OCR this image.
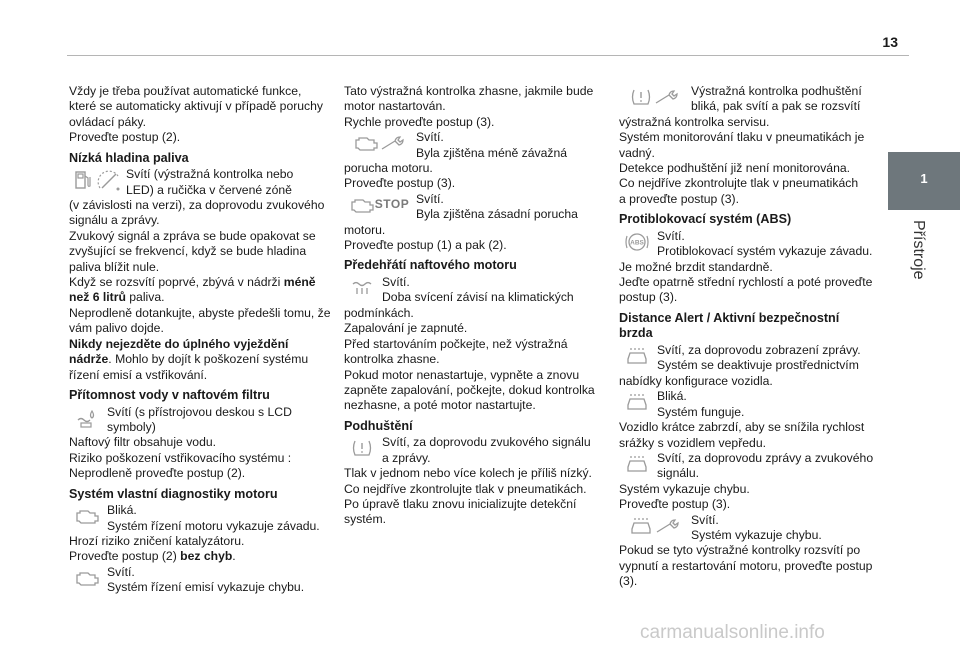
13
1
Přístroje

Vždy je třeba používat automatické funkce,

které se automaticky aktivují v případě poruchy

ovládací páky.

Proveďte postup (2).

Nízká hladina paliva

Svítí (výstražná kontrolka nebo

LED) a ručička v červené zóně

(v závislosti na verzi), za doprovodu zvukového

signálu a zprávy.

Zvukový signál a zpráva se bude opakovat se

zvyšující se frekvencí, když se bude hladina

paliva blížit nule.

Když se rozsvítí poprvé, zbývá v nádrži méně

než 6 litrů paliva.

Neprodleně dotankujte, abyste předešli tomu, že

vám palivo dojde.

Nikdy nejezděte do úplného vyježdění

nádrže. Mohlo by dojít k poškození systému

řízení emisí a vstřikování.

Přítomnost vody v naftovém filtru

Svítí (s přístrojovou deskou s LCD

symboly)

Naftový filtr obsahuje vodu.

Riziko poškození vstřikovacího systému :

Neprodleně proveďte postup (2).

Systém vlastní diagnostiky motoru

Bliká.

Systém řízení motoru vykazuje závadu.

Hrozí riziko zničení katalyzátoru.

Proveďte postup (2) bez chyb.

Svítí.

Systém řízení emisí vykazuje chybu.

Tato výstražná kontrolka zhasne, jakmile bude

motor nastartován.

Rychle proveďte postup (3).

Svítí.

Byla zjištěna méně závažná

porucha motoru.

Proveďte postup (3).

STOP Svítí.

Byla zjištěna zásadní porucha

motoru.

Proveďte postup (1) a pak (2).

Předehřátí naftového motoru

Svítí.

Doba svícení závisí na klimatických

podmínkách.

Zapalování je zapnuté.

Před startováním počkejte, než výstražná

kontrolka zhasne.

Pokud motor nenastartuje, vypněte a znovu

zapněte zapalování, počkejte, dokud kontrolka

nezhasne, a poté motor nastartujte.

Podhuštění

Svítí, za doprovodu zvukového signálu

a zprávy.

Tlak v jednom nebo více kolech je příliš nízký.

Co nejdříve zkontrolujte tlak v pneumatikách.

Po úpravě tlaku znovu inicializujte detekční

systém.

Výstražná kontrolka podhuštění

bliká, pak svítí a pak se rozsvítí

výstražná kontrolka servisu.

Systém monitorování tlaku v pneumatikách je

vadný.

Detekce podhuštění již není monitorována.

Co nejdříve zkontrolujte tlak v pneumatikách

a proveďte postup (3).

Protiblokovací systém (ABS)
ABS Svítí.

Protiblokovací systém vykazuje závadu.

Je možné brzdit standardně.

Jeďte opatrně střední rychlostí a poté proveďte

postup (3).

Distance Alert / Aktivní bezpečnostní
brzda

Svítí, za doprovodu zobrazení zprávy.

Systém se deaktivuje prostřednictvím

nabídky konfigurace vozidla.

Bliká.

Systém funguje.

Vozidlo krátce zabrzdí, aby se snížila rychlost

srážky s vozidlem vepředu.

Svítí, za doprovodu zprávy a zvukového

signálu.

Systém vykazuje chybu.

Proveďte postup (3).

Svítí.

Systém vykazuje chybu.

Pokud se tyto výstražné kontrolky rozsvítí po

vypnutí a restartování motoru, proveďte postup

(3).

carmanualsonline.info
